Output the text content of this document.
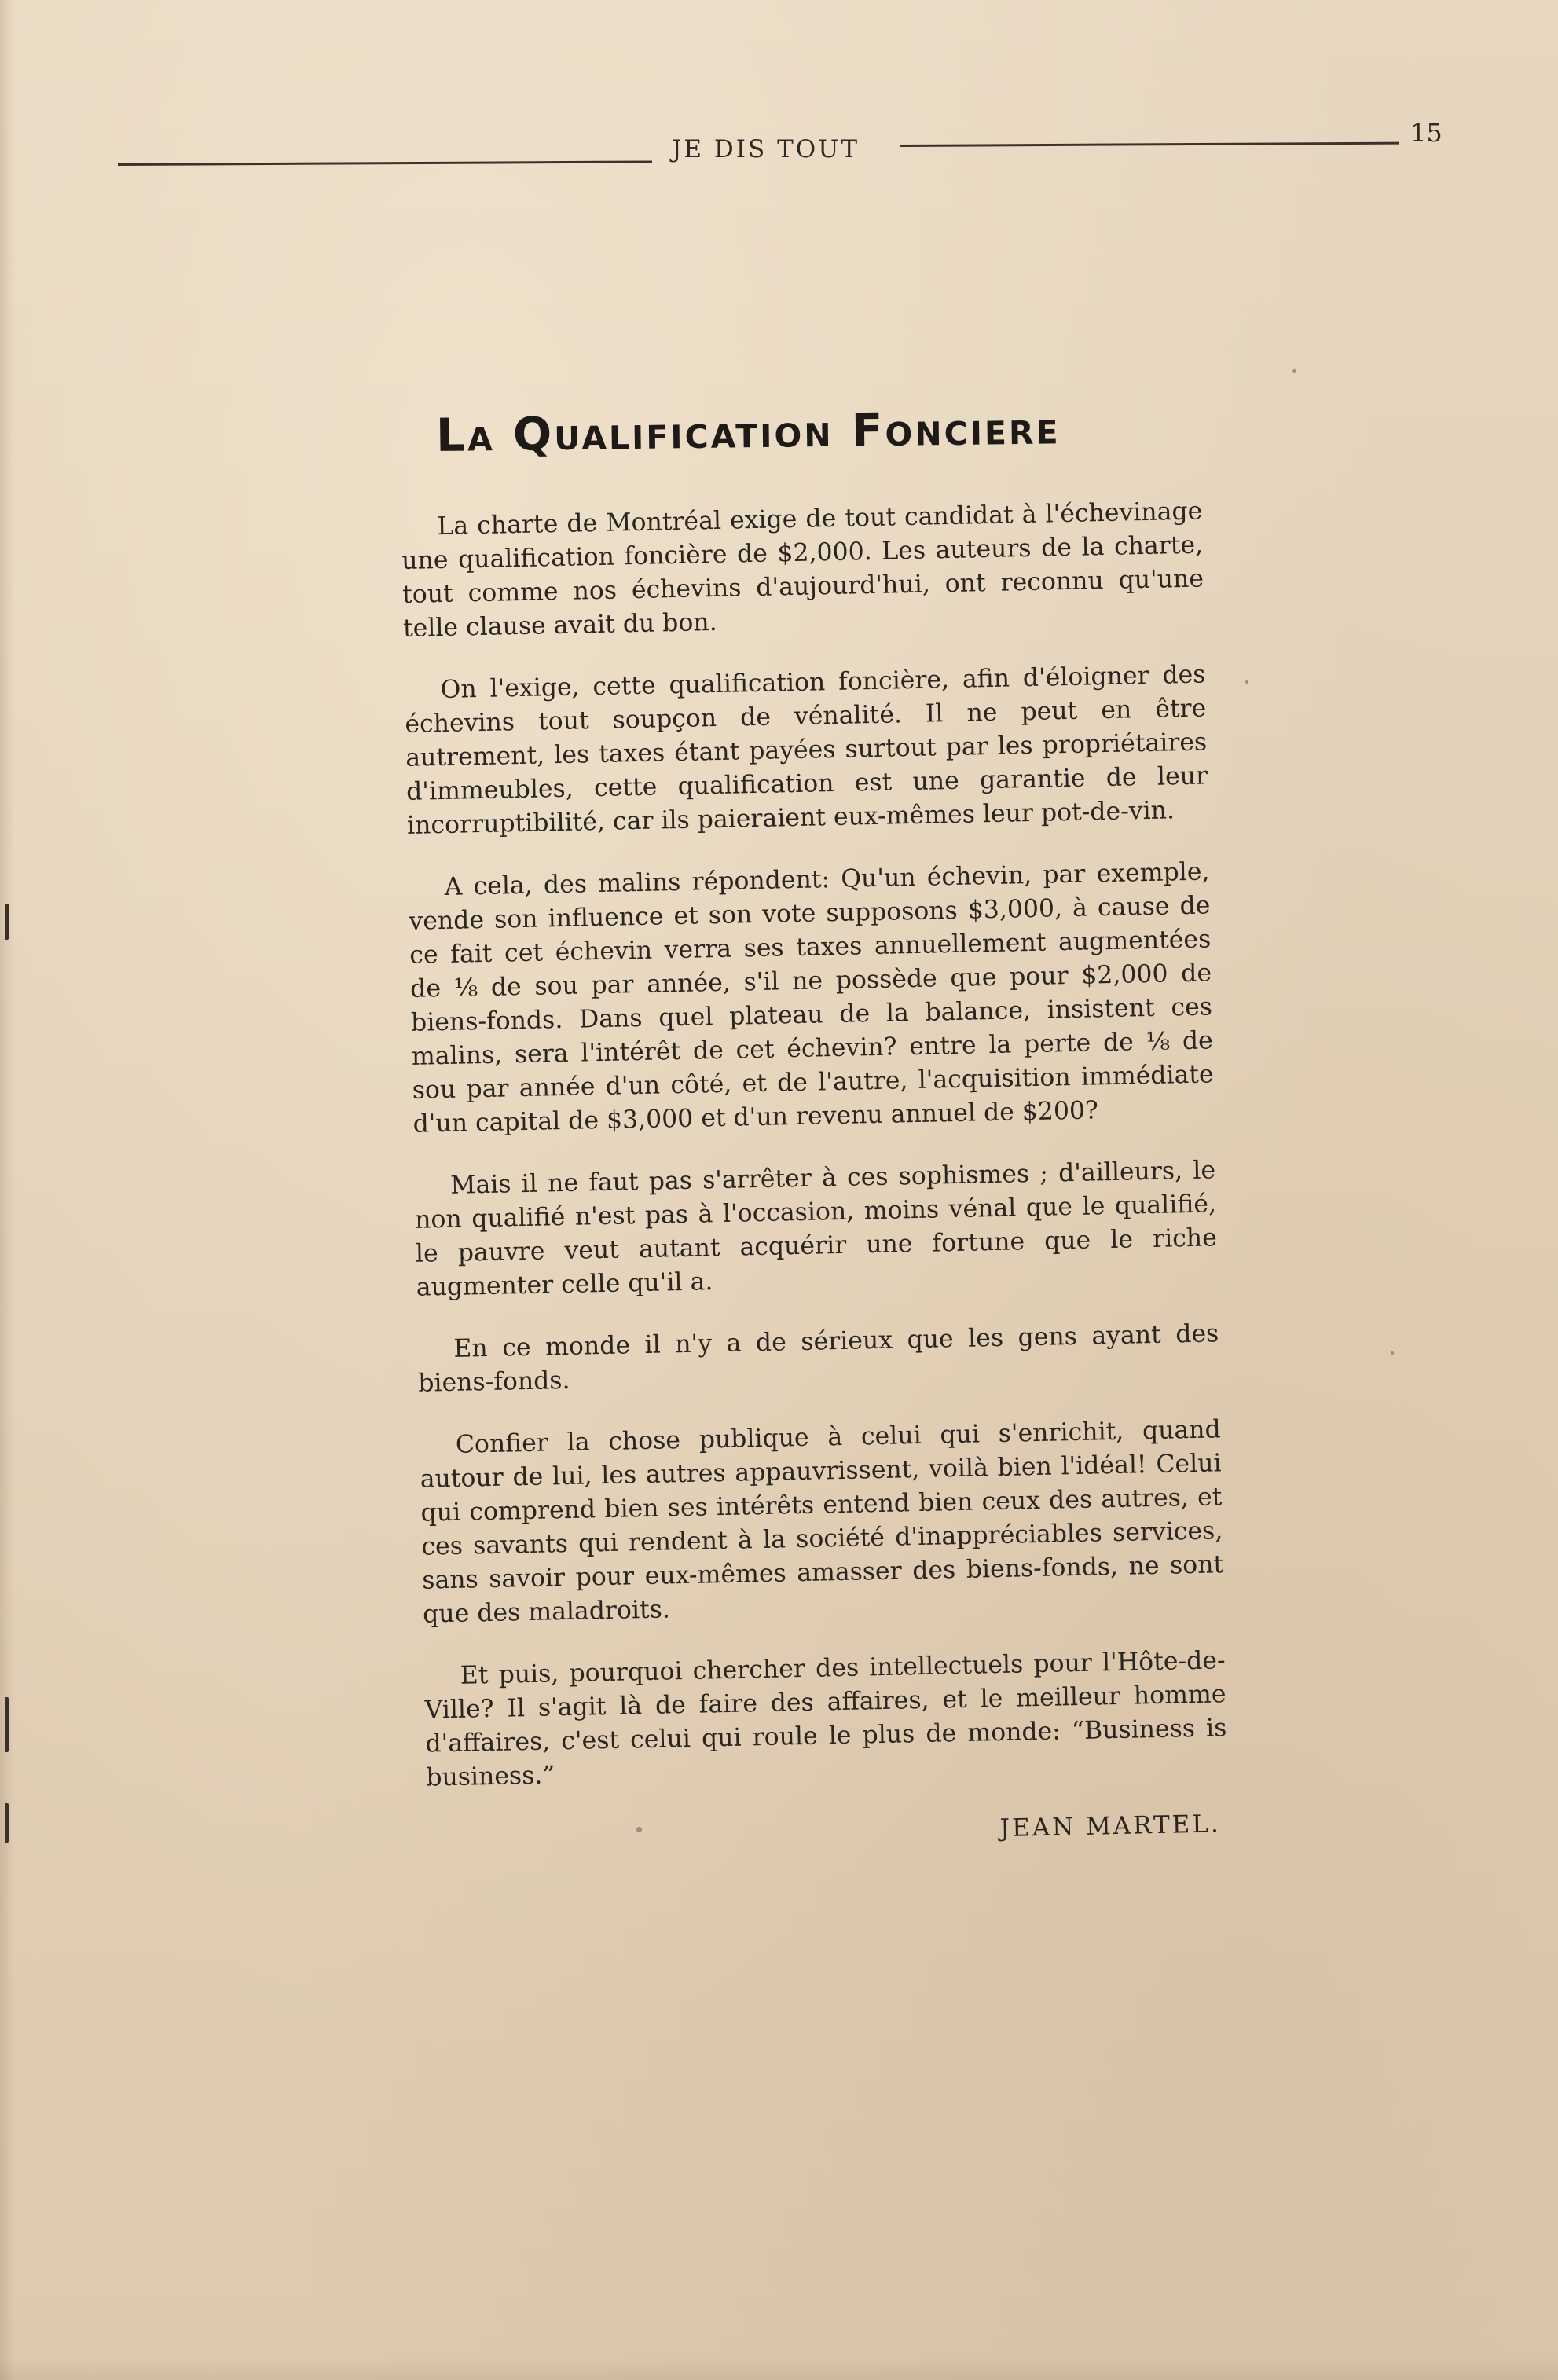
JE DIS TOUT
15
La Qualification Fonciere

La charte de Montréal exige de tout candidat à l'échevinage une qualification foncière de $2,000. Les auteurs de la charte, tout comme nos échevins d'aujourd'hui, ont reconnu qu'une telle clause avait du bon.

On l'exige, cette qualification foncière, afin d'éloigner des échevins tout soupçon de vénalité. Il ne peut en être autrement, les taxes étant payées surtout par les propriétaires d'immeubles, cette qualification est une garantie de leur incorruptibilité, car ils paieraient eux-mêmes leur pot-de-vin.

A cela, des malins répondent: Qu'un échevin, par exemple, vende son influence et son vote supposons $3,000, à cause de ce fait cet échevin verra ses taxes annuellement augmentées de ⅛ de sou par année, s'il ne possède que pour $2,000 de biens-fonds. Dans quel plateau de la balance, insistent ces malins, sera l'intérêt de cet échevin? entre la perte de ⅛ de sou par année d'un côté, et de l'autre, l'acquisition immédiate d'un capital de $3,000 et d'un revenu annuel de $200?

Mais il ne faut pas s'arrêter à ces sophismes ; d'ailleurs, le non qualifié n'est pas à l'occasion, moins vénal que le qualifié, le pauvre veut autant acquérir une fortune que le riche augmenter celle qu'il a.

En ce monde il n'y a de sérieux que les gens ayant des biens-fonds.

Confier la chose publique à celui qui s'enrichit, quand autour de lui, les autres appauvrissent, voilà bien l'idéal! Celui qui comprend bien ses intérêts entend bien ceux des autres, et ces savants qui rendent à la société d'inappréciables services, sans savoir pour eux-mêmes amasser des biens-fonds, ne sont que des maladroits.

Et puis, pourquoi chercher des intellectuels pour l'Hôte-de-Ville? Il s'agit là de faire des affaires, et le meilleur homme d'affaires, c'est celui qui roule le plus de monde: “Business is business.”

JEAN MARTEL.
